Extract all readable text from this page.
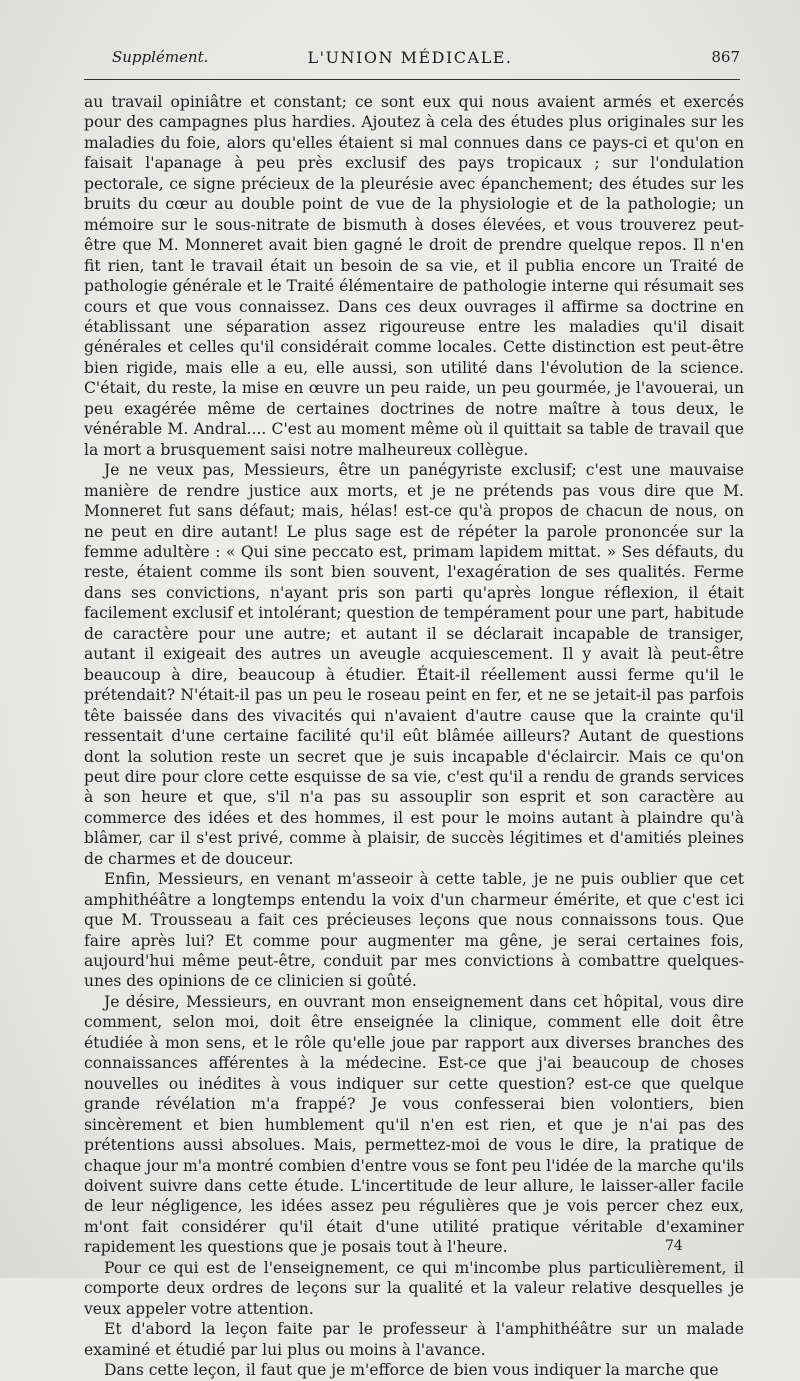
Supplément.	L'UNION MÉDICALE.	867

au travail opiniâtre et constant; ce sont eux qui nous avaient armés et exercés pour des campagnes plus hardies. Ajoutez à cela des études plus originales sur les maladies du foie, alors qu'elles étaient si mal connues dans ce pays-ci et qu'on en faisait l'apanage à peu près exclusif des pays tropicaux ; sur l'ondulation pectorale, ce signe précieux de la pleurésie avec épanchement; des études sur les bruits du cœur au double point de vue de la physiologie et de la pathologie; un mémoire sur le sous-nitrate de bismuth à doses élevées, et vous trouverez peut-être que M. Monneret avait bien gagné le droit de prendre quelque repos. Il n'en fit rien, tant le travail était un besoin de sa vie, et il publia encore un Traité de pathologie générale et le Traité élémentaire de pathologie interne qui résumait ses cours et que vous connaissez. Dans ces deux ouvrages il affirme sa doctrine en établissant une séparation assez rigoureuse entre les maladies qu'il disait générales et celles qu'il considérait comme locales. Cette distinction est peut-être bien rigide, mais elle a eu, elle aussi, son utilité dans l'évolution de la science. C'était, du reste, la mise en œuvre un peu raide, un peu gourmée, je l'avouerai, un peu exagérée même de certaines doctrines de notre maître à tous deux, le vénérable M. Andral.... C'est au moment même où il quittait sa table de travail que la mort a brusquement saisi notre malheureux collègue.

Je ne veux pas, Messieurs, être un panégyriste exclusif; c'est une mauvaise manière de rendre justice aux morts, et je ne prétends pas vous dire que M. Monneret fut sans défaut; mais, hélas! est-ce qu'à propos de chacun de nous, on ne peut en dire autant! Le plus sage est de répéter la parole prononcée sur la femme adultère : « Qui sine peccato est, primam lapidem mittat. » Ses défauts, du reste, étaient comme ils sont bien souvent, l'exagération de ses qualités. Ferme dans ses convictions, n'ayant pris son parti qu'après longue réflexion, il était facilement exclusif et intolérant; question de tempérament pour une part, habitude de caractère pour une autre; et autant il se déclarait incapable de transiger, autant il exigeait des autres un aveugle acquiescement. Il y avait là peut-être beaucoup à dire, beaucoup à étudier. Était-il réellement aussi ferme qu'il le prétendait? N'était-il pas un peu le roseau peint en fer, et ne se jetait-il pas parfois tête baissée dans des vivacités qui n'avaient d'autre cause que la crainte qu'il ressentait d'une certaine facilité qu'il eût blâmée ailleurs? Autant de questions dont la solution reste un secret que je suis incapable d'éclaircir. Mais ce qu'on peut dire pour clore cette esquisse de sa vie, c'est qu'il a rendu de grands services à son heure et que, s'il n'a pas su assouplir son esprit et son caractère au commerce des idées et des hommes, il est pour le moins autant à plaindre qu'à blâmer, car il s'est privé, comme à plaisir, de succès légitimes et d'amitiés pleines de charmes et de douceur.

Enfin, Messieurs, en venant m'asseoir à cette table, je ne puis oublier que cet amphithéâtre a longtemps entendu la voix d'un charmeur émérite, et que c'est ici que M. Trousseau a fait ces précieuses leçons que nous connaissons tous. Que faire après lui? Et comme pour augmenter ma gêne, je serai certaines fois, aujourd'hui même peut-être, conduit par mes convictions à combattre quelques-unes des opinions de ce clinicien si goûté.

Je désire, Messieurs, en ouvrant mon enseignement dans cet hôpital, vous dire comment, selon moi, doit être enseignée la clinique, comment elle doit être étudiée à mon sens, et le rôle qu'elle joue par rapport aux diverses branches des connaissances afférentes à la médecine. Est-ce que j'ai beaucoup de choses nouvelles ou inédites à vous indiquer sur cette question? est-ce que quelque grande révélation m'a frappé? Je vous confesserai bien volontiers, bien sincèrement et bien humblement qu'il n'en est rien, et que je n'ai pas des prétentions aussi absolues. Mais, permettez-moi de vous le dire, la pratique de chaque jour m'a montré combien d'entre vous se font peu l'idée de la marche qu'ils doivent suivre dans cette étude. L'incertitude de leur allure, le laisser-aller facile de leur négligence, les idées assez peu régulières que je vois percer chez eux, m'ont fait considérer qu'il était d'une utilité pratique véritable d'examiner rapidement les questions que je posais tout à l'heure.

Pour ce qui est de l'enseignement, ce qui m'incombe plus particulièrement, il comporte deux ordres de leçons sur la qualité et la valeur relative desquelles je veux appeler votre attention.

Et d'abord la leçon faite par le professeur à l'amphithéâtre sur un malade examiné et étudié par lui plus ou moins à l'avance.

Dans cette leçon, il faut que je m'efforce de bien vous indiquer la marche que

74
